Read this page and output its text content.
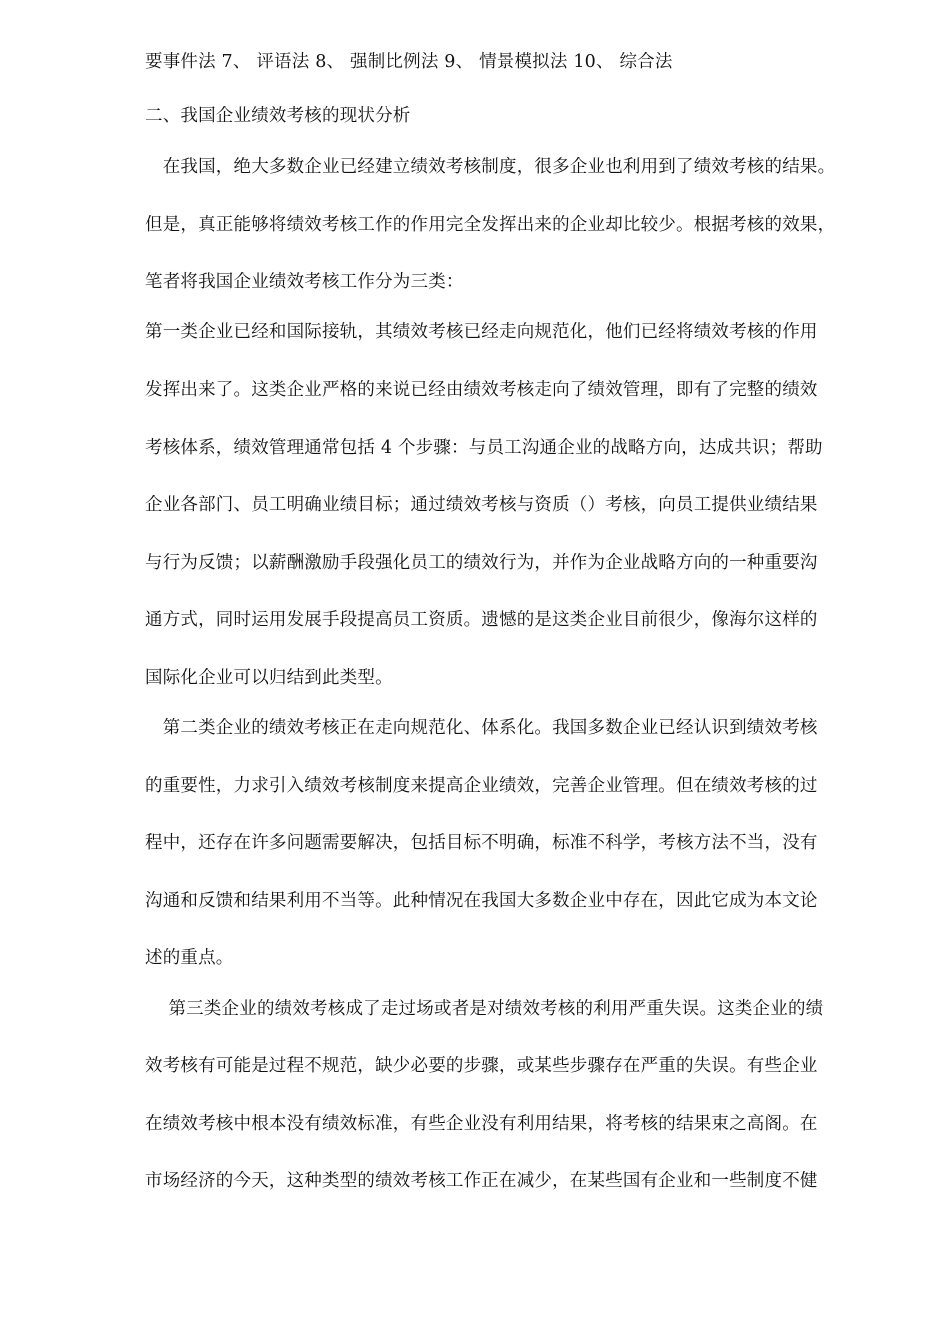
要事件法 7、 评语法 8、 强制比例法 9、 情景模拟法 10、 综合法
二、我国企业绩效考核的现状分析
　在我国，绝大多数企业已经建立绩效考核制度，很多企业也利用到了绩效考核的结果。
但是，真正能够将绩效考核工作的作用完全发挥出来的企业却比较少。根据考核的效果，
笔者将我国企业绩效考核工作分为三类：
第一类企业已经和国际接轨，其绩效考核已经走向规范化，他们已经将绩效考核的作用
发挥出来了。这类企业严格的来说已经由绩效考核走向了绩效管理，即有了完整的绩效
考核体系，绩效管理通常包括 4 个步骤：与员工沟通企业的战略方向，达成共识；帮助
企业各部门、员工明确业绩目标；通过绩效考核与资质（）考核，向员工提供业绩结果
与行为反馈；以薪酬激励手段强化员工的绩效行为，并作为企业战略方向的一种重要沟
通方式，同时运用发展手段提高员工资质。遗憾的是这类企业目前很少，像海尔这样的
国际化企业可以归结到此类型。
　第二类企业的绩效考核正在走向规范化、体系化。我国多数企业已经认识到绩效考核
的重要性，力求引入绩效考核制度来提高企业绩效，完善企业管理。但在绩效考核的过
程中，还存在许多问题需要解决，包括目标不明确，标准不科学，考核方法不当，没有
沟通和反馈和结果利用不当等。此种情况在我国大多数企业中存在，因此它成为本文论
述的重点。
　 第三类企业的绩效考核成了走过场或者是对绩效考核的利用严重失误。这类企业的绩
效考核有可能是过程不规范，缺少必要的步骤，或某些步骤存在严重的失误。有些企业
在绩效考核中根本没有绩效标准，有些企业没有利用结果，将考核的结果束之高阁。在
市场经济的今天，这种类型的绩效考核工作正在减少，在某些国有企业和一些制度不健
